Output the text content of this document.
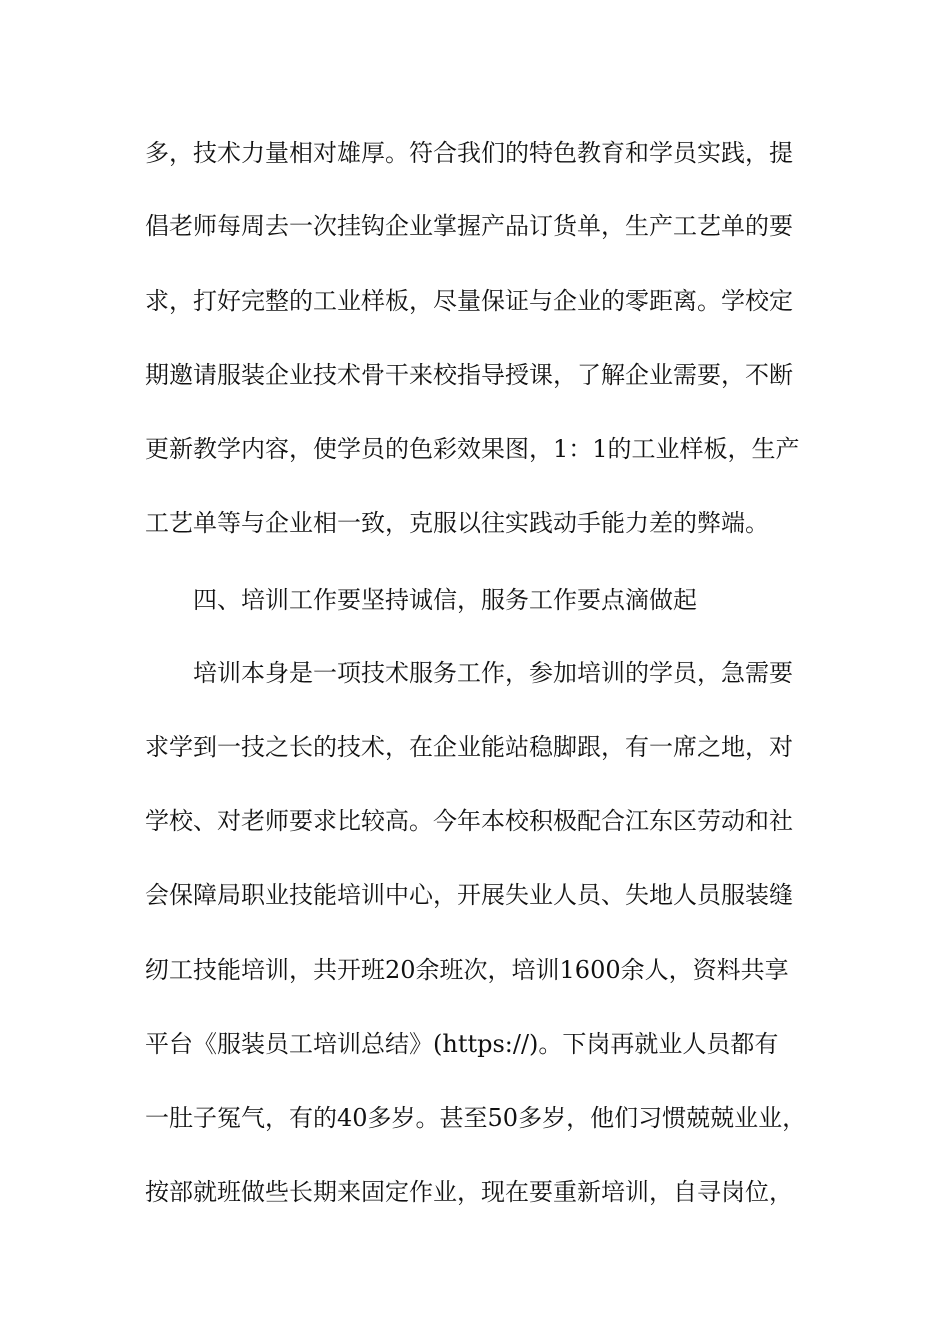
多，技术力量相对雄厚。符合我们的特色教育和学员实践，提
倡老师每周去一次挂钩企业掌握产品订货单，生产工艺单的要
求，打好完整的工业样板，尽量保证与企业的零距离。学校定
期邀请服装企业技术骨干来校指导授课，了解企业需要，不断
更新教学内容，使学员的色彩效果图，1：1的工业样板，生产
工艺单等与企业相一致，克服以往实践动手能力差的弊端。
四、培训工作要坚持诚信，服务工作要点滴做起
培训本身是一项技术服务工作，参加培训的学员，急需要
求学到一技之长的技术，在企业能站稳脚跟，有一席之地，对
学校、对老师要求比较高。今年本校积极配合江东区劳动和社
会保障局职业技能培训中心，开展失业人员、失地人员服装缝
纫工技能培训，共开班20余班次，培训1600余人，资料共享
平台《服装员工培训总结》(https://)。下岗再就业人员都有
一肚子冤气，有的40多岁。甚至50多岁，他们习惯兢兢业业，
按部就班做些长期来固定作业，现在要重新培训，自寻岗位，
